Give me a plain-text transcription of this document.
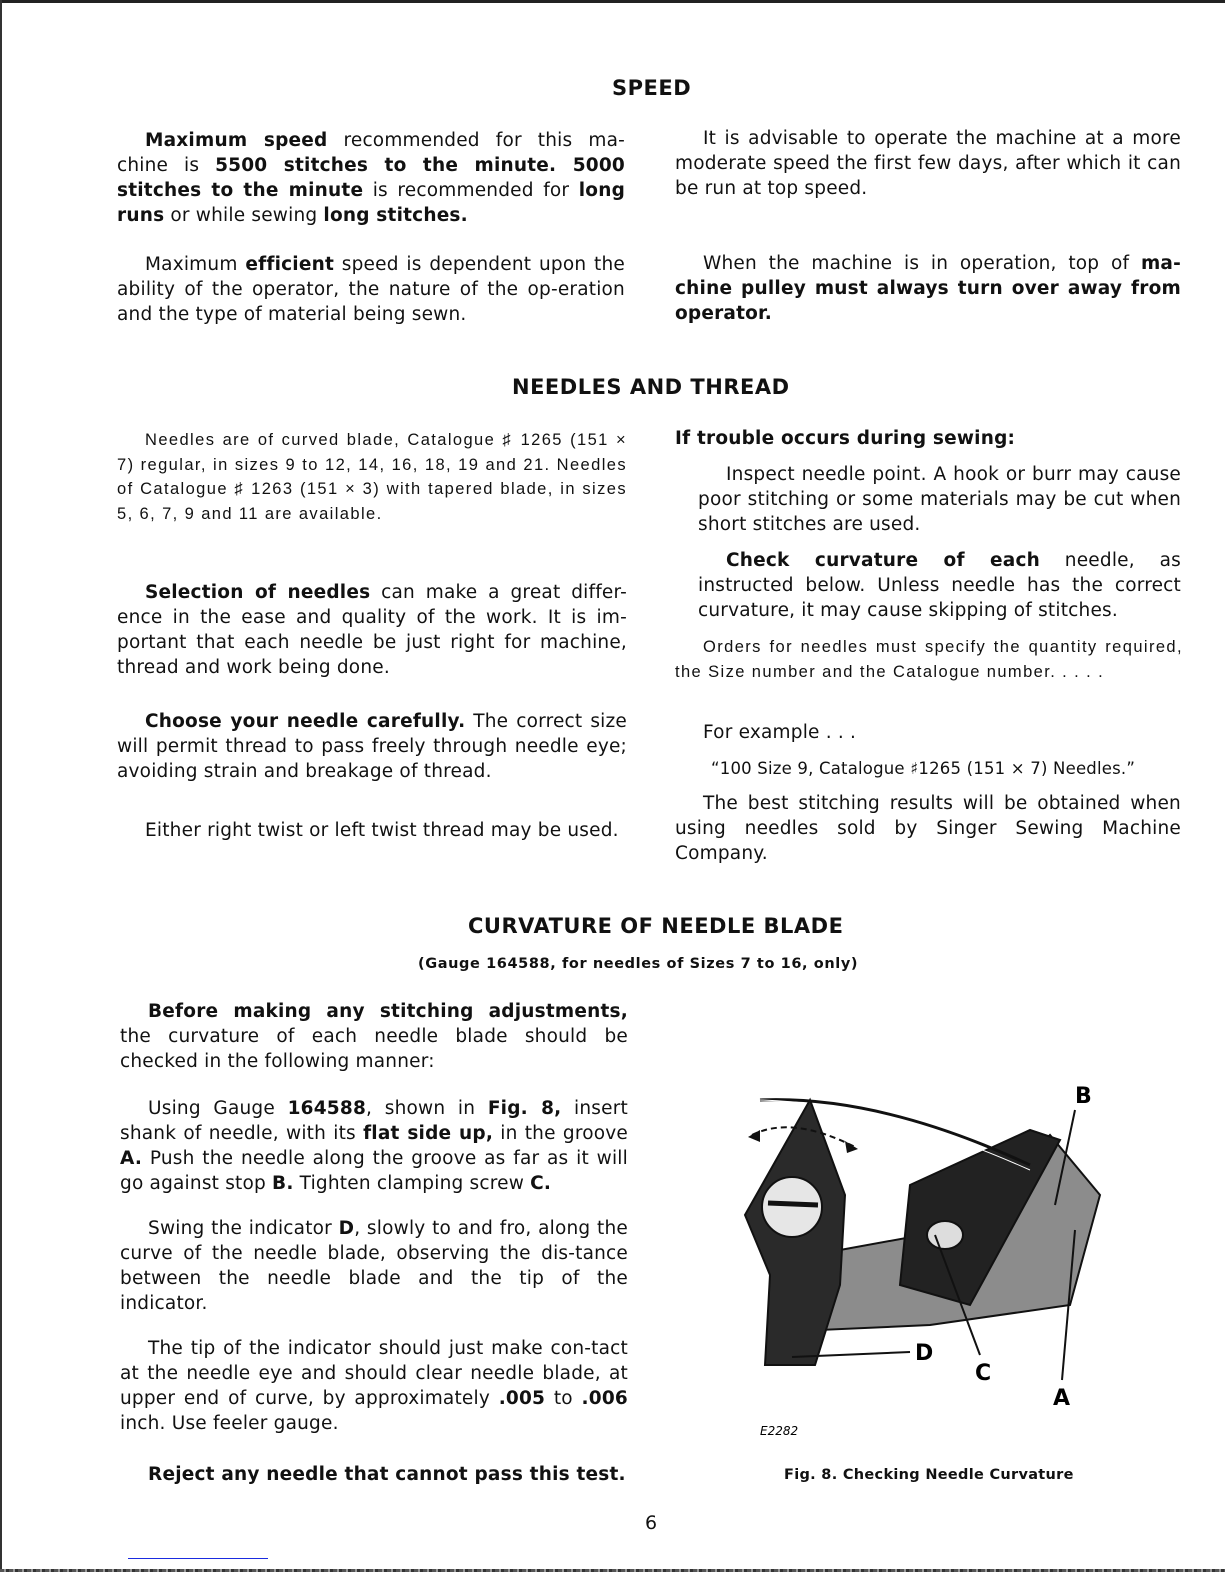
SPEED
Maximum speed recommended for this ma-chine is 5500 stitches to the minute. 5000 stitches to the minute is recommended for long runs or while sewing long stitches.
Maximum efficient speed is dependent upon the ability of the operator, the nature of the op-eration and the type of material being sewn.
It is advisable to operate the machine at a more moderate speed the first few days, after which it can be run at top speed.
When the machine is in operation, top of ma-chine pulley must always turn over away from operator.
NEEDLES AND THREAD
Needles are of curved blade, Catalogue ♯ 1265 (151 × 7) regular, in sizes 9 to 12, 14, 16, 18, 19 and 21. Needles of Catalogue ♯ 1263 (151 × 3) with tapered blade, in sizes 5, 6, 7, 9 and 11 are available.
Selection of needles can make a great differ-ence in the ease and quality of the work. It is im-portant that each needle be just right for machine, thread and work being done.
Choose your needle carefully. The correct size will permit thread to pass freely through needle eye; avoiding strain and breakage of thread.
Either right twist or left twist thread may be used.
If trouble occurs during sewing:
Inspect needle point. A hook or burr may cause poor stitching or some materials may be cut when short stitches are used.
Check curvature of each needle, as instructed below. Unless needle has the correct curvature, it may cause skipping of stitches.
Orders for needles must specify the quantity required, the Size number and the Catalogue number. . . . .
For example . . .
“100 Size 9, Catalogue ♯1265 (151 × 7) Needles.”
The best stitching results will be obtained when using needles sold by Singer Sewing Machine Company.
CURVATURE OF NEEDLE BLADE
(Gauge 164588, for needles of Sizes 7 to 16, only)
Before making any stitching adjustments, the curvature of each needle blade should be checked in the following manner:
Using Gauge 164588, shown in Fig. 8, insert shank of needle, with its flat side up, in the groove A. Push the needle along the groove as far as it will go against stop B. Tighten clamping screw C.
Swing the indicator D, slowly to and fro, along the curve of the needle blade, observing the dis-tance between the needle blade and the tip of the indicator.
The tip of the indicator should just make con-tact at the needle eye and should clear needle blade, at upper end of curve, by approximately .005 to .006 inch. Use feeler gauge.
Reject any needle that cannot pass this test.
B
D
C
A
E2282
Fig. 8. Checking Needle Curvature
6
